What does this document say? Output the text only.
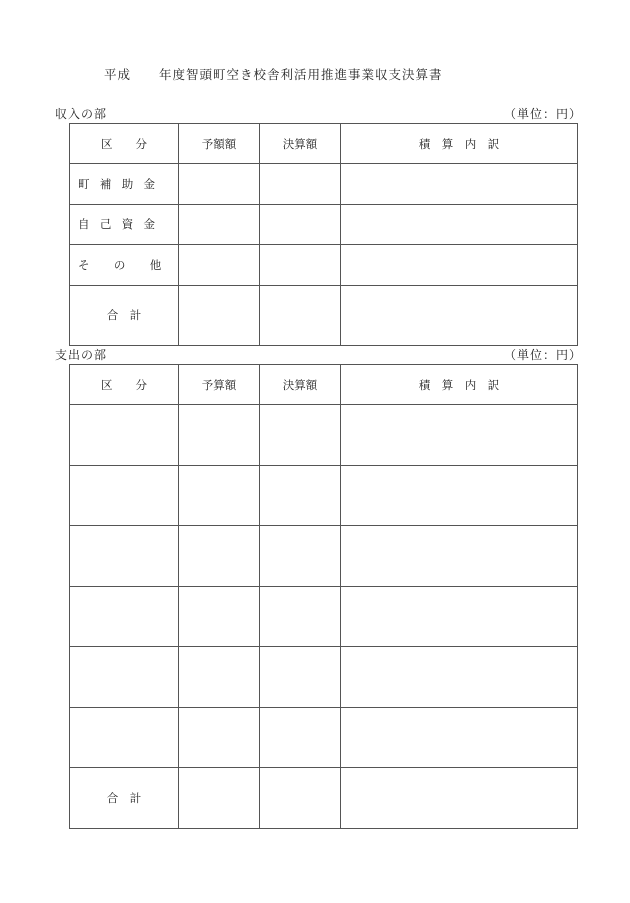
平成 年度智頭町空き校舎利活用推進事業収支決算書
収入の部	（単位：円）
区　　分	予額額	決算額	積　算　内　訳
町補助金			
自己資金			
そ の 他			
合　計			
支出の部	（単位：円）
区　　分	予算額	決算額	積　算　内　訳

合　計			
